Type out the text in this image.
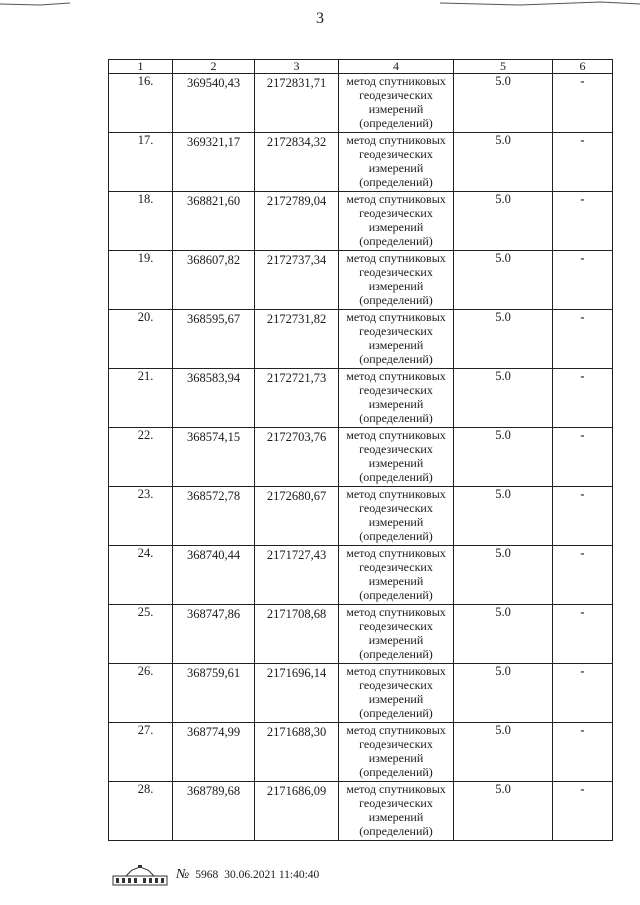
3
1	2	3	4	5	6
16.	369540,43	2172831,71	метод спутниковых
геодезических
измерений
(определений)	5.0	-
17.	369321,17	2172834,32	метод спутниковых
геодезических
измерений
(определений)	5.0	-
18.	368821,60	2172789,04	метод спутниковых
геодезических
измерений
(определений)	5.0	-
19.	368607,82	2172737,34	метод спутниковых
геодезических
измерений
(определений)	5.0	-
20.	368595,67	2172731,82	метод спутниковых
геодезических
измерений
(определений)	5.0	-
21.	368583,94	2172721,73	метод спутниковых
геодезических
измерений
(определений)	5.0	-
22.	368574,15	2172703,76	метод спутниковых
геодезических
измерений
(определений)	5.0	-
23.	368572,78	2172680,67	метод спутниковых
геодезических
измерений
(определений)	5.0	-
24.	368740,44	2171727,43	метод спутниковых
геодезических
измерений
(определений)	5.0	-
25.	368747,86	2171708,68	метод спутниковых
геодезических
измерений
(определений)	5.0	-
26.	368759,61	2171696,14	метод спутниковых
геодезических
измерений
(определений)	5.0	-
27.	368774,99	2171688,30	метод спутниковых
геодезических
измерений
(определений)	5.0	-
28.	368789,68	2171686,09	метод спутниковых
геодезических
измерений
(определений)	5.0	-
№ 5968 30.06.2021 11:40:40
